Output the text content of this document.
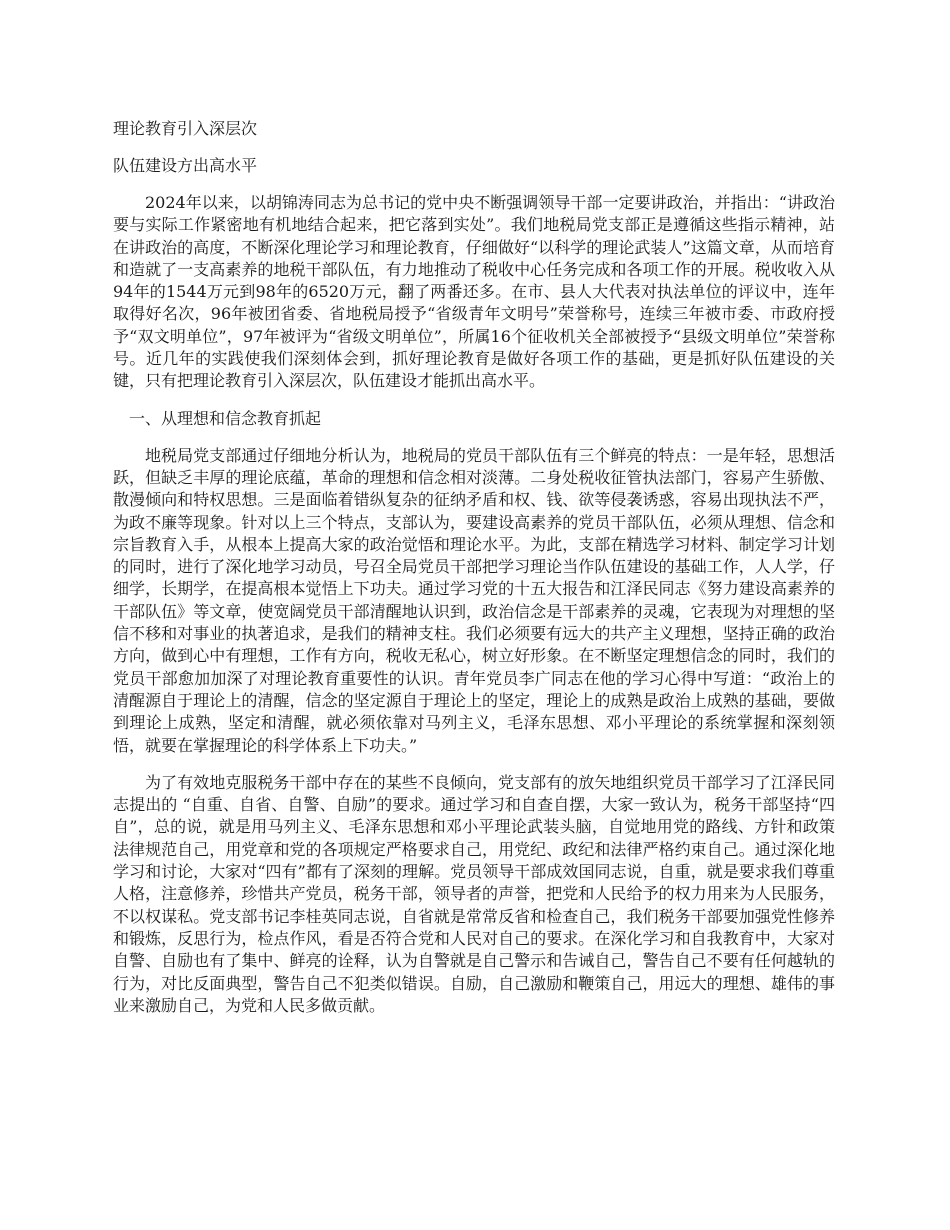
理论教育引入深层次

队伍建设方出高水平

2024年以来，以胡锦涛同志为总书记的党中央不断强调领导干部一定要讲政治，并指出：“讲政治要与实际工作紧密地有机地结合起来，把它落到实处”。我们地税局党支部正是遵循这些指示精神，站在讲政治的高度，不断深化理论学习和理论教育，仔细做好“以科学的理论武装人”这篇文章，从而培育和造就了一支高素养的地税干部队伍，有力地推动了税收中心任务完成和各项工作的开展。税收收入从94年的1544万元到98年的6520万元，翻了两番还多。在市、县人大代表对执法单位的评议中，连年取得好名次，96年被团省委、省地税局授予“省级青年文明号”荣誉称号，连续三年被市委、市政府授予“双文明单位”，97年被评为“省级文明单位”，所属16个征收机关全部被授予“县级文明单位”荣誉称号。近几年的实践使我们深刻体会到，抓好理论教育是做好各项工作的基础，更是抓好队伍建设的关键，只有把理论教育引入深层次，队伍建设才能抓出高水平。

一、从理想和信念教育抓起

地税局党支部通过仔细地分析认为，地税局的党员干部队伍有三个鲜亮的特点：一是年轻，思想活跃，但缺乏丰厚的理论底蕴，革命的理想和信念相对淡薄。二身处税收征管执法部门，容易产生骄傲、散漫倾向和特权思想。三是面临着错纵复杂的征纳矛盾和权、钱、欲等侵袭诱惑，容易出现执法不严，为政不廉等现象。针对以上三个特点，支部认为，要建设高素养的党员干部队伍，必须从理想、信念和宗旨教育入手，从根本上提高大家的政治觉悟和理论水平。为此，支部在精选学习材料、制定学习计划的同时，进行了深化地学习动员，号召全局党员干部把学习理论当作队伍建设的基础工作，人人学，仔细学，长期学，在提高根本觉悟上下功夫。通过学习党的十五大报告和江泽民同志《努力建设高素养的干部队伍》等文章，使宽阔党员干部清醒地认识到，政治信念是干部素养的灵魂，它表现为对理想的坚信不移和对事业的执著追求，是我们的精神支柱。我们必须要有远大的共产主义理想，坚持正确的政治方向，做到心中有理想，工作有方向，税收无私心，树立好形象。在不断坚定理想信念的同时，我们的党员干部愈加加深了对理论教育重要性的认识。青年党员李广同志在他的学习心得中写道：“政治上的清醒源自于理论上的清醒，信念的坚定源自于理论上的坚定，理论上的成熟是政治上成熟的基础，要做到理论上成熟，坚定和清醒，就必须依靠对马列主义，毛泽东思想、邓小平理论的系统掌握和深刻领悟，就要在掌握理论的科学体系上下功夫。”

为了有效地克服税务干部中存在的某些不良倾向，党支部有的放矢地组织党员干部学习了江泽民同志提出的 “自重、自省、自警、自励”的要求。通过学习和自查自摆，大家一致认为，税务干部坚持“四自”，总的说，就是用马列主义、毛泽东思想和邓小平理论武装头脑，自觉地用党的路线、方针和政策法律规范自己，用党章和党的各项规定严格要求自己，用党纪、政纪和法律严格约束自己。通过深化地学习和讨论，大家对“四有”都有了深刻的理解。党员领导干部成效国同志说，自重，就是要求我们尊重人格，注意修养，珍惜共产党员，税务干部，领导者的声誉，把党和人民给予的权力用来为人民服务，不以权谋私。党支部书记李桂英同志说，自省就是常常反省和检查自己，我们税务干部要加强党性修养和锻炼，反思行为，检点作风，看是否符合党和人民对自己的要求。在深化学习和自我教育中，大家对自警、自励也有了集中、鲜亮的诠释，认为自警就是自己警示和告诫自己，警告自己不要有任何越轨的行为，对比反面典型，警告自己不犯类似错误。自励，自己激励和鞭策自己，用远大的理想、雄伟的事业来激励自己，为党和人民多做贡献。
